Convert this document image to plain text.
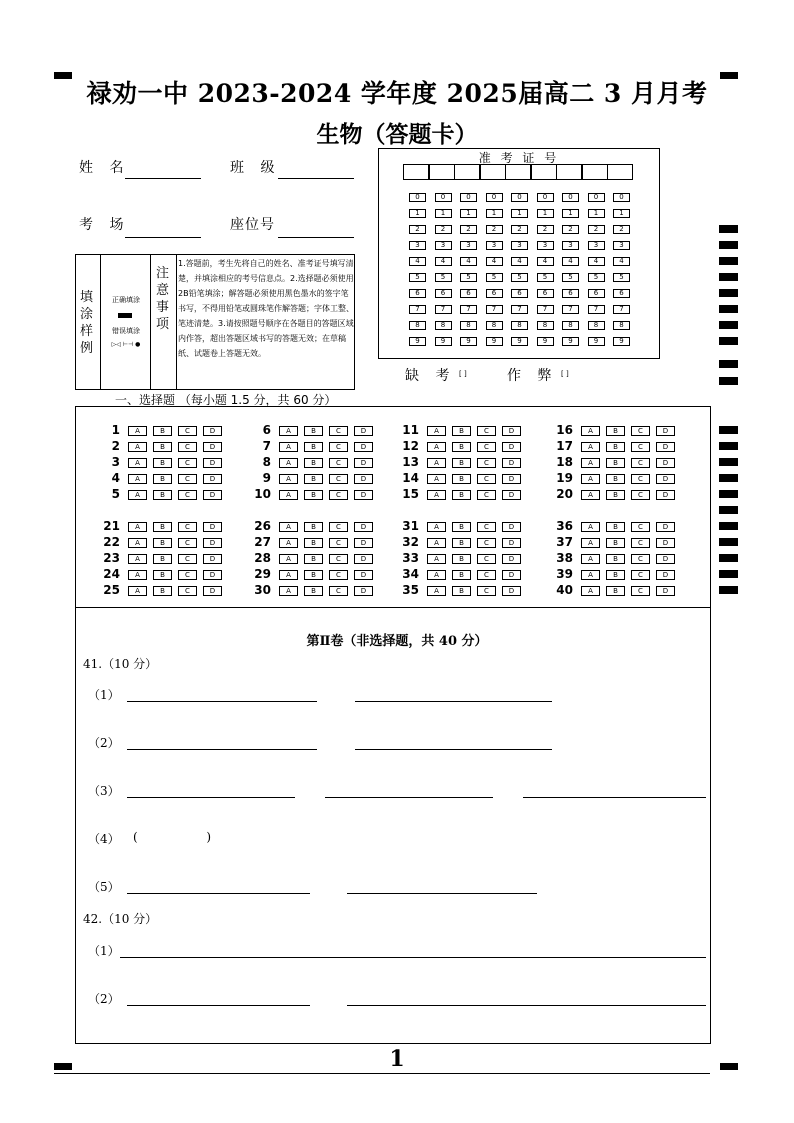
禄劝一中 2023-2024 学年度 2025届高二 3 月月考
生物（答题卡）
姓 名	班 级
考 场	座位号
准 考 证 号
0	0	0	0	0	0	0	0	0
1	1	1	1	1	1	1	1	1
2	2	2	2	2	2	2	2	2
3	3	3	3	3	3	3	3	3
4	4	4	4	4	4	4	4	4
5	5	5	5	5	5	5	5	5
6	6	6	6	6	6	6	6	6
7	7	7	7	7	7	7	7	7
8	8	8	8	8	8	8	8	8
9	9	9	9	9	9	9	9	9
缺 考 [ ]	作 弊 [ ]
填涂样例
正确填涂
错误填涂
▷◁ ⊢⊣ ●
注意事项
1.答题前，考生先将自己的姓名、准考证号填写清楚，并填涂相应的考号信息点。2.选择题必须使用2B铅笔填涂；解答题必须使用黑色墨水的签字笔书写，不得用铅笔或圆珠笔作解答题；字体工整、笔迹清楚。3.请按照题号顺序在各题目的答题区域内作答，超出答题区域书写的答题无效；在草稿纸、试题卷上答题无效。
一、选择题 （每小题 1.5 分，共 60 分）
1	A	B	C	D
2	A	B	C	D
3	A	B	C	D
4	A	B	C	D
5	A	B	C	D
6	A	B	C	D
7	A	B	C	D
8	A	B	C	D
9	A	B	C	D
10	A	B	C	D
11	A	B	C	D
12	A	B	C	D
13	A	B	C	D
14	A	B	C	D
15	A	B	C	D
16	A	B	C	D
17	A	B	C	D
18	A	B	C	D
19	A	B	C	D
20	A	B	C	D
21	A	B	C	D
22	A	B	C	D
23	A	B	C	D
24	A	B	C	D
25	A	B	C	D
26	A	B	C	D
27	A	B	C	D
28	A	B	C	D
29	A	B	C	D
30	A	B	C	D
31	A	B	C	D
32	A	B	C	D
33	A	B	C	D
34	A	B	C	D
35	A	B	C	D
36	A	B	C	D
37	A	B	C	D
38	A	B	C	D
39	A	B	C	D
40	A	B	C	D
第Ⅱ卷（非选择题，共 40 分）
41.（10 分）
（1）
（2）
（3）
（4） (                  )
（5）
42.（10 分）
（1）
（2）
1
